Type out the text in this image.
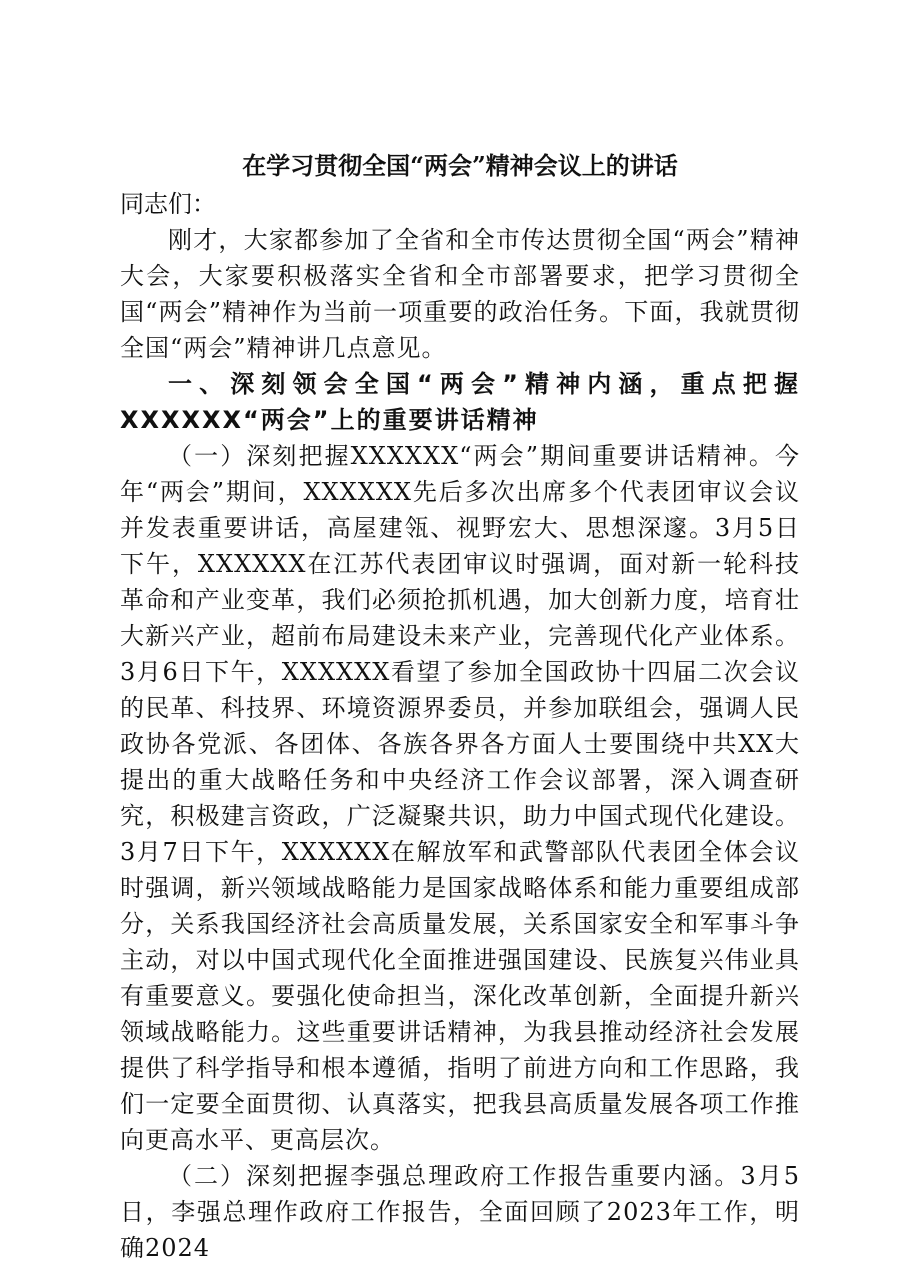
在学习贯彻全国“两会”精神会议上的讲话

同志们：

刚才，大家都参加了全省和全市传达贯彻全国“两会”精神大会，大家要积极落实全省和全市部署要求，把学习贯彻全国“两会”精神作为当前一项重要的政治任务。下面，我就贯彻全国“两会”精神讲几点意见。

一、深刻领会全国“两会”精神内涵，重点把握XXXXXX“两会”上的重要讲话精神

（一）深刻把握XXXXXX“两会”期间重要讲话精神。今年“两会”期间，XXXXXX先后多次出席多个代表团审议会议并发表重要讲话，高屋建瓴、视野宏大、思想深邃。3月5日下午，XXXXXX在江苏代表团审议时强调，面对新一轮科技革命和产业变革，我们必须抢抓机遇，加大创新力度，培育壮大新兴产业，超前布局建设未来产业，完善现代化产业体系。3月6日下午，XXXXXX看望了参加全国政协十四届二次会议的民革、科技界、环境资源界委员，并参加联组会，强调人民政协各党派、各团体、各族各界各方面人士要围绕中共XX大提出的重大战略任务和中央经济工作会议部署，深入调查研究，积极建言资政，广泛凝聚共识，助力中国式现代化建设。3月7日下午，XXXXXX在解放军和武警部队代表团全体会议时强调，新兴领域战略能力是国家战略体系和能力重要组成部分，关系我国经济社会高质量发展，关系国家安全和军事斗争主动，对以中国式现代化全面推进强国建设、民族复兴伟业具有重要意义。要强化使命担当，深化改革创新，全面提升新兴领域战略能力。这些重要讲话精神，为我县推动经济社会发展提供了科学指导和根本遵循，指明了前进方向和工作思路，我们一定要全面贯彻、认真落实，把我县高质量发展各项工作推向更高水平、更高层次。

（二）深刻把握李强总理政府工作报告重要内涵。3月5日，李强总理作政府工作报告，全面回顾了2023年工作，明确2024
